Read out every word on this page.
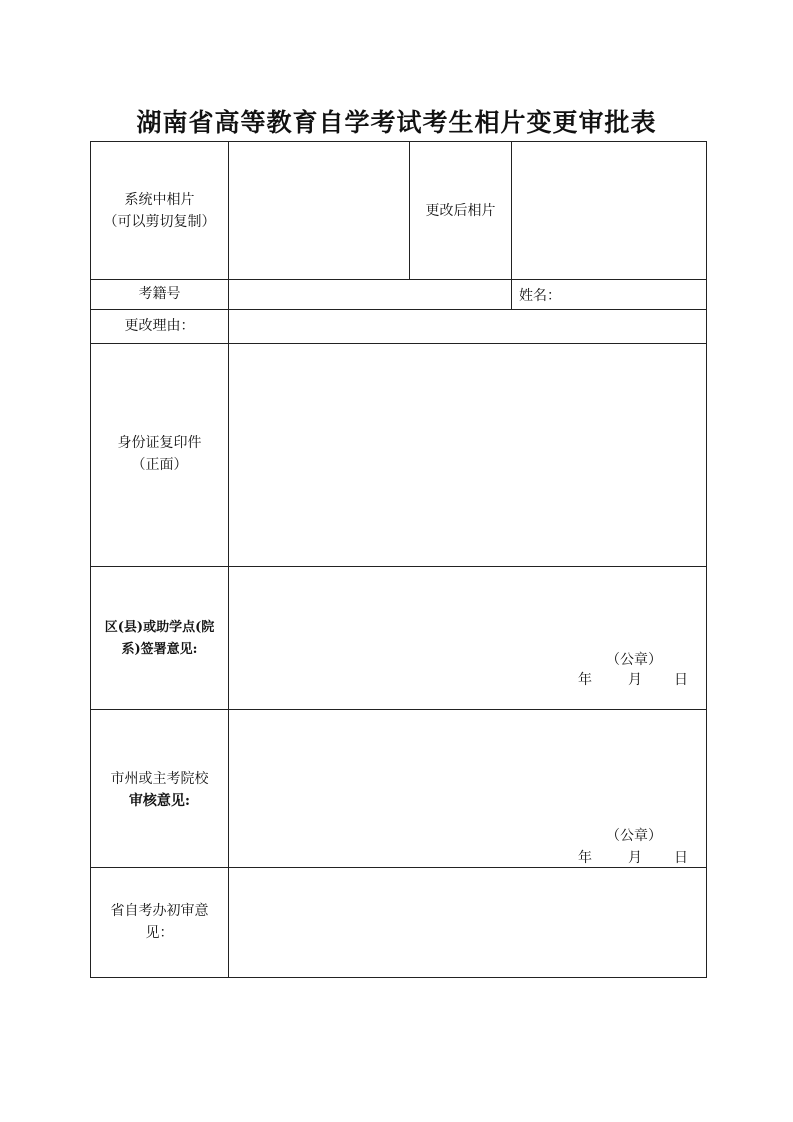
湖南省高等教育自学考试考生相片变更审批表
系统中相片
（可以剪切复制）
更改后相片
考籍号	姓名：
更改理由：
身份证复印件
（正面）
区(县)或助学点(院
系)签署意见:
（公章）
年	月 日
市州或主考院校
审核意见:
（公章）
年	月 日
省自考办初审意
见：
